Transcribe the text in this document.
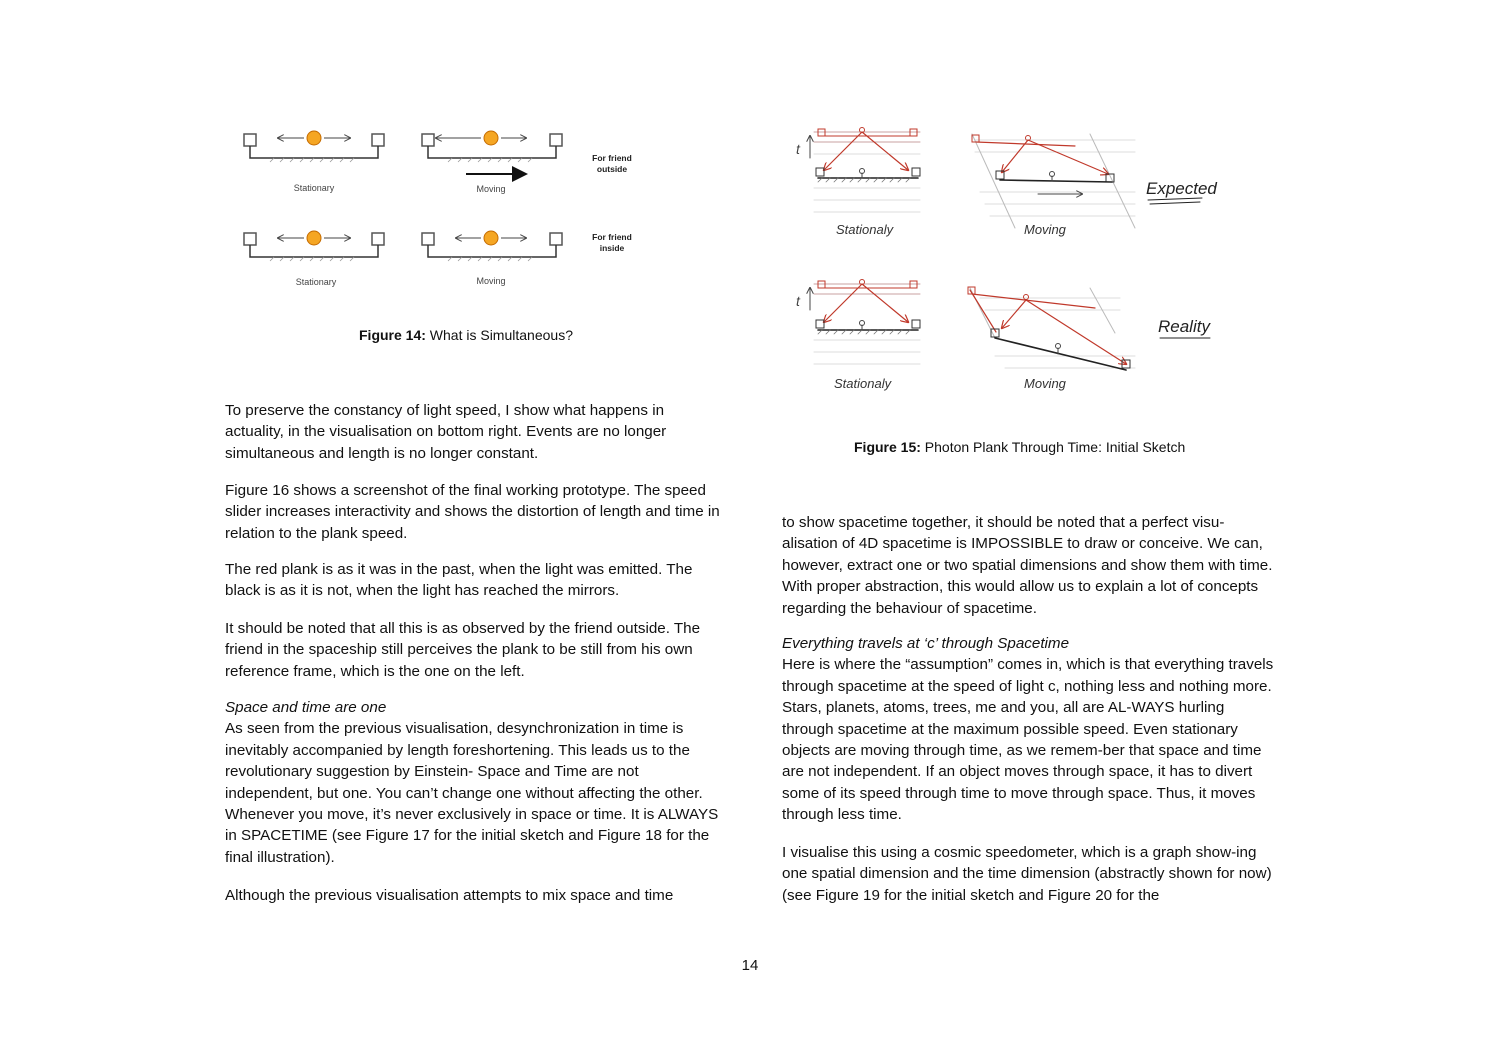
Stationary	Moving
For friend
outside
Stationary	Moving
For friend
inside
Figure 14: What is Simultaneous?
t
Stationaly	Moving
Expected
t
Stationaly	Moving
Reality
Figure 15: Photon Plank Through Time: Initial Sketch

To preserve the constancy of light speed, I show what happens in actuality, in the visualisation on bottom right. Events are no longer simultaneous and length is no longer constant.

Figure 16 shows a screenshot of the final working prototype. The speed slider increases interactivity and shows the distortion of length and time in relation to the plank speed.

The red plank is as it was in the past, when the light was emitted. The black is as it is not, when the light has reached the mirrors.

It should be noted that all this is as observed by the friend outside. The friend in the spaceship still perceives the plank to be still from his own reference frame, which is the one on the left.

Space and time are one

As seen from the previous visualisation, desynchronization in time is inevitably accompanied by length foreshortening. This leads us to the revolutionary suggestion by Einstein- Space and Time are not independent, but one. You can’t change one without affecting the other. Whenever you move, it’s never exclusively in space or time. It is ALWAYS in SPACETIME (see Figure 17 for the initial sketch and Figure 18 for the final illustration).

Although the previous visualisation attempts to mix space and time

to show spacetime together, it should be noted that a perfect visu-alisation of 4D spacetime is IMPOSSIBLE to draw or conceive. We can, however, extract one or two spatial dimensions and show them with time. With proper abstraction, this would allow us to explain a lot of concepts regarding the behaviour of spacetime.

Everything travels at ‘c’ through Spacetime

Here is where the “assumption” comes in, which is that everything travels through spacetime at the speed of light c, nothing less and nothing more. Stars, planets, atoms, trees, me and you, all are AL-WAYS hurling through spacetime at the maximum possible speed. Even stationary objects are moving through time, as we remem-ber that space and time are not independent. If an object moves through space, it has to divert some of its speed through time to move through space. Thus, it moves through less time.

I visualise this using a cosmic speedometer, which is a graph show-ing one spatial dimension and the time dimension (abstractly shown for now) (see Figure 19 for the initial sketch and Figure 20 for the

14
